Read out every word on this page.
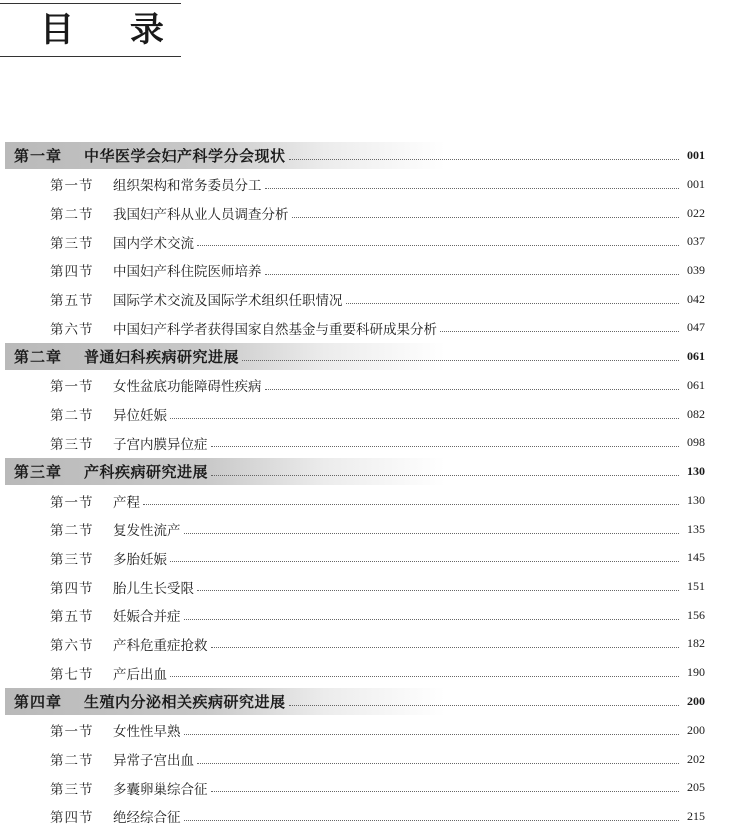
目 录
第一章 中华医学会妇产科学分会现状	001
第一节 组织架构和常务委员分工	001
第二节 我国妇产科从业人员调查分析	022
第三节 国内学术交流	037
第四节 中国妇产科住院医师培养	039
第五节 国际学术交流及国际学术组织任职情况	042
第六节 中国妇产科学者获得国家自然基金与重要科研成果分析	047
第二章 普通妇科疾病研究进展	061
第一节 女性盆底功能障碍性疾病	061
第二节 异位妊娠	082
第三节 子宫内膜异位症	098
第三章 产科疾病研究进展	130
第一节 产程	130
第二节 复发性流产	135
第三节 多胎妊娠	145
第四节 胎儿生长受限	151
第五节 妊娠合并症	156
第六节 产科危重症抢救	182
第七节 产后出血	190
第四章 生殖内分泌相关疾病研究进展	200
第一节 女性性早熟	200
第二节 异常子宫出血	202
第三节 多囊卵巢综合征	205
第四节 绝经综合征	215
